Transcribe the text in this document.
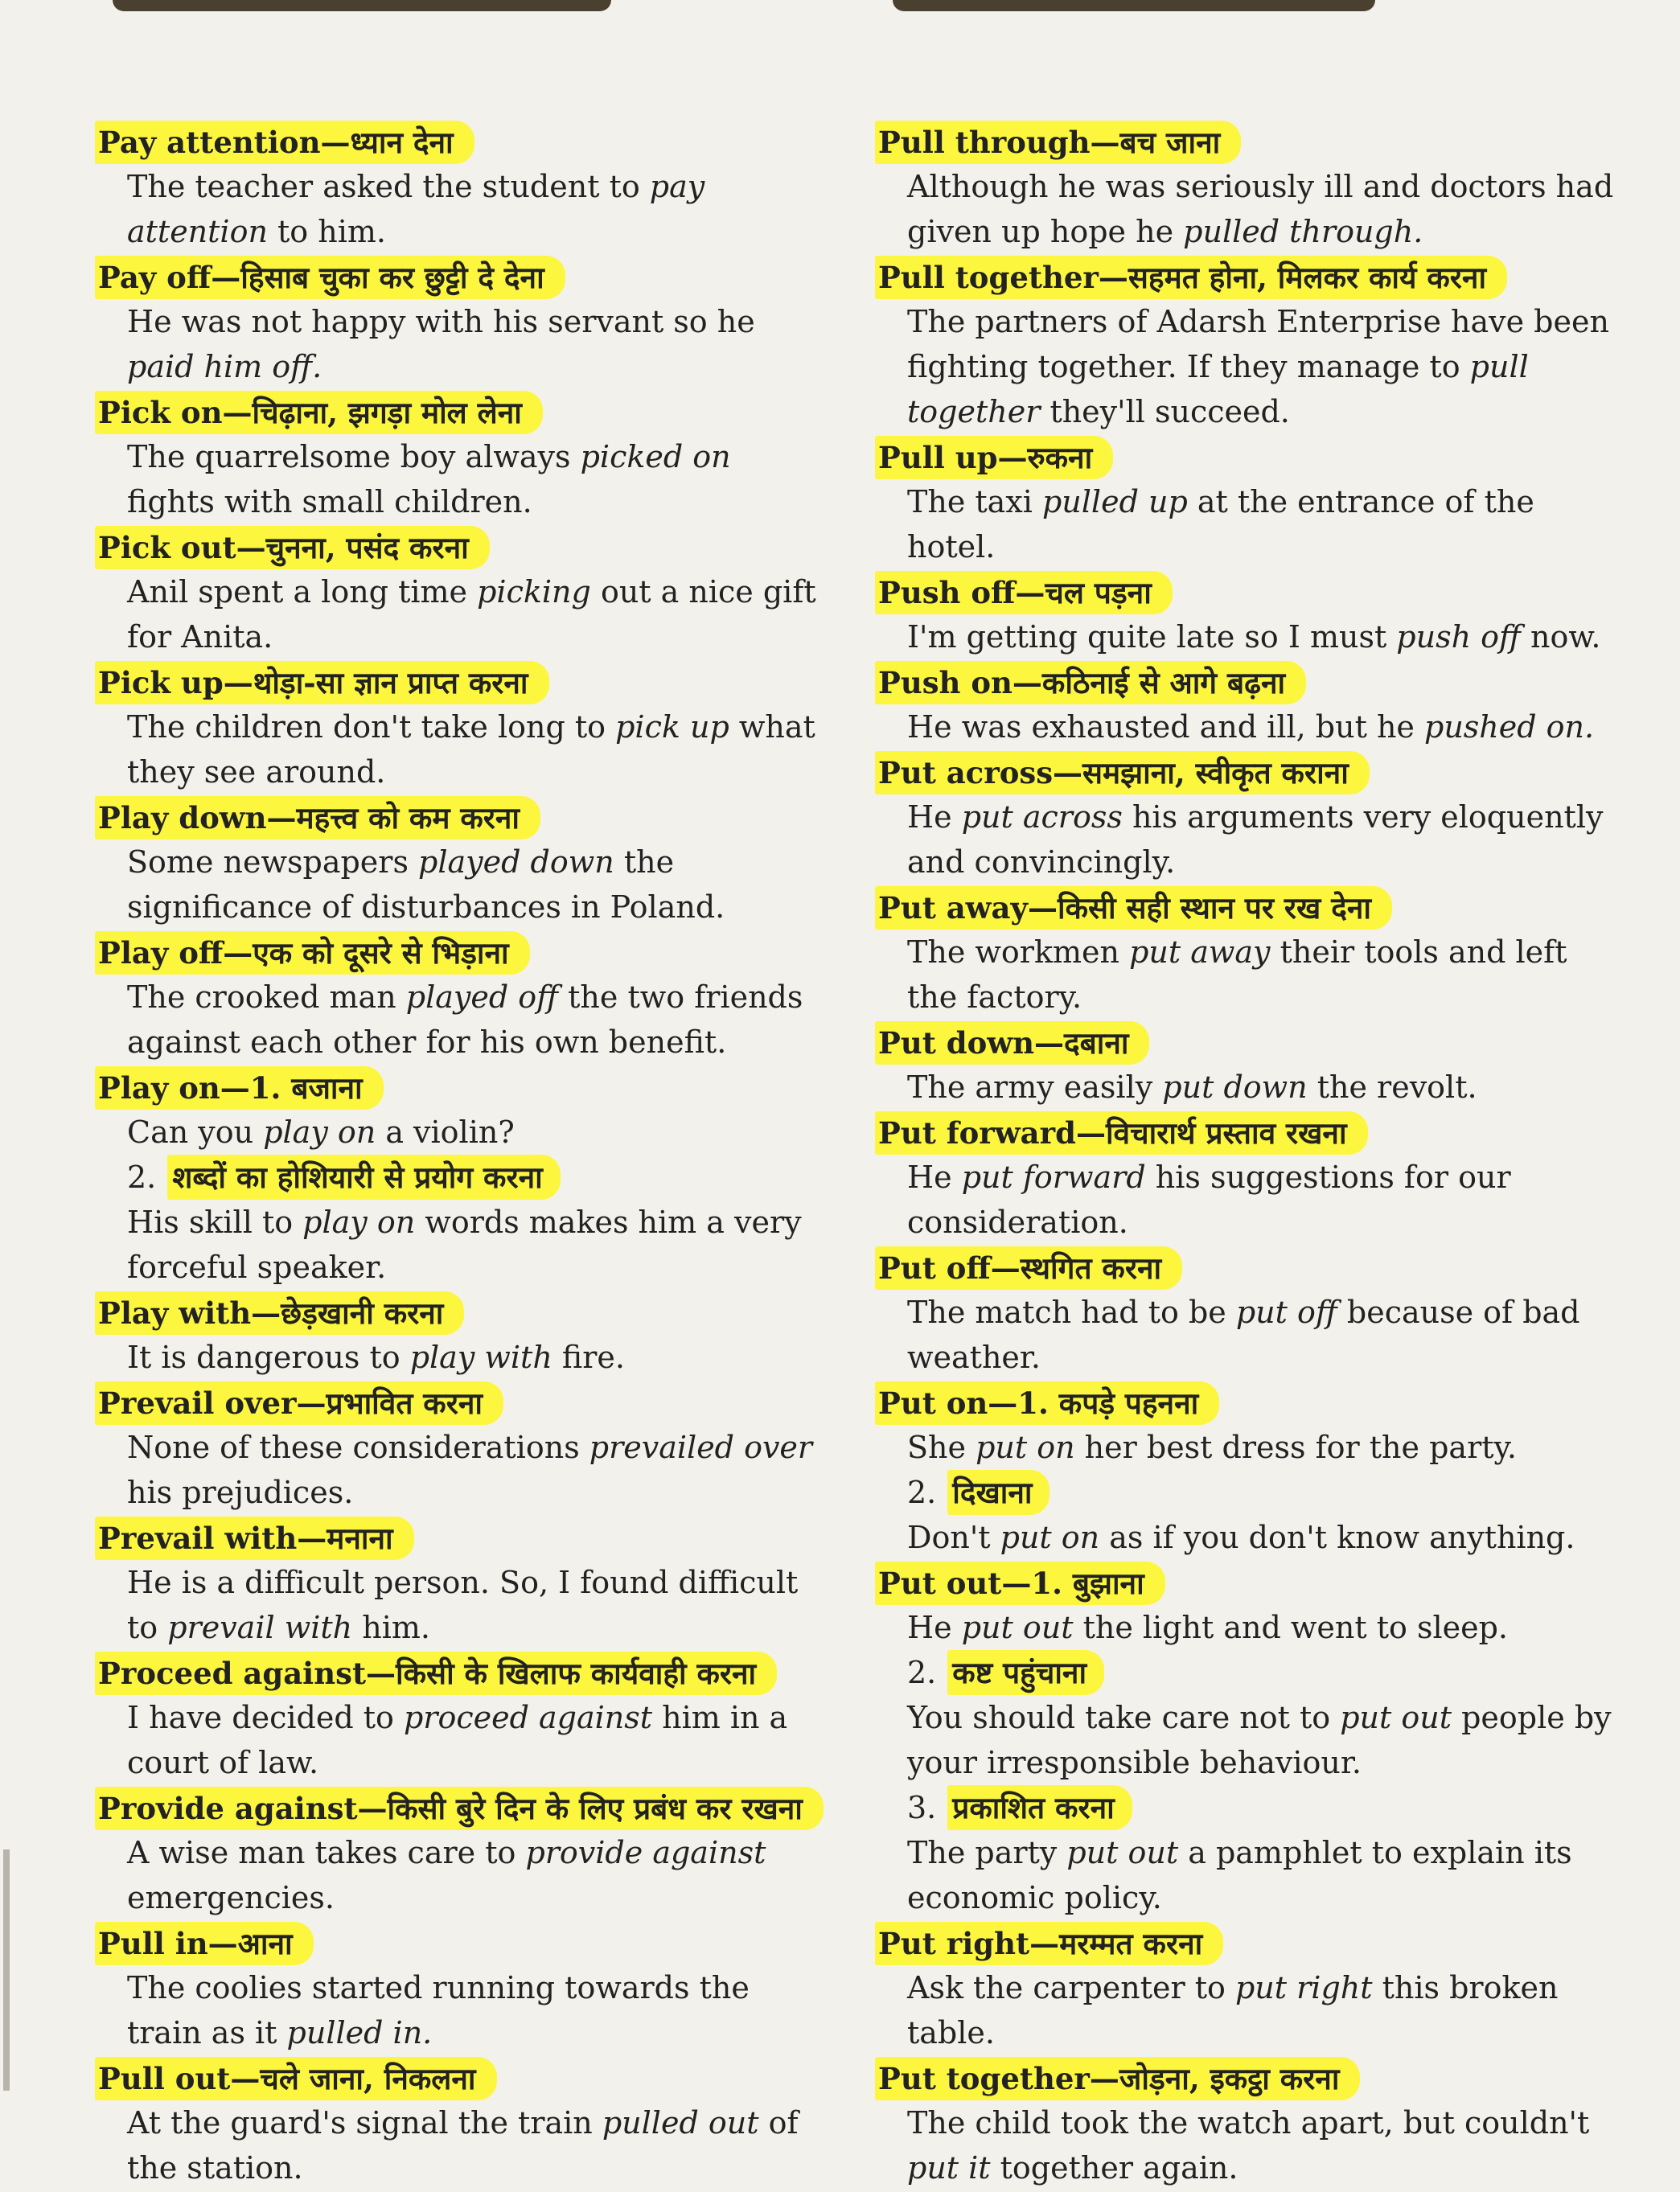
Pay attention—ध्यान देना
The teacher asked the student to pay attention to him.
Pay off—हिसाब चुका कर छुट्टी दे देना
He was not happy with his servant so he paid him off.
Pick on—चिढ़ाना, झगड़ा मोल लेना
The quarrelsome boy always picked on fights with small children.
Pick out—चुनना, पसंद करना
Anil spent a long time picking out a nice gift for Anita.
Pick up—थोड़ा-सा ज्ञान प्राप्त करना
The children don't take long to pick up what they see around.
Play down—महत्त्व को कम करना
Some newspapers played down the significance of disturbances in Poland.
Play off—एक को दूसरे से भिड़ाना
The crooked man played off the two friends against each other for his own benefit.
Play on—1. बजाना
Can you play on a violin?
2. शब्दों का होशियारी से प्रयोग करना
His skill to play on words makes him a very forceful speaker.
Play with—छेड़खानी करना
It is dangerous to play with fire.
Prevail over—प्रभावित करना
None of these considerations prevailed over his prejudices.
Prevail with—मनाना
He is a difficult person. So, I found difficult to prevail with him.
Proceed against—किसी के खिलाफ कार्यवाही करना
I have decided to proceed against him in a court of law.
Provide against—किसी बुरे दिन के लिए प्रबंध कर रखना
A wise man takes care to provide against emergencies.
Pull in—आना
The coolies started running towards the train as it pulled in.
Pull out—चले जाना, निकलना
At the guard's signal the train pulled out of the station.
Pull through—बच जाना
Although he was seriously ill and doctors had given up hope he pulled through.
Pull together—सहमत होना, मिलकर कार्य करना
The partners of Adarsh Enterprise have been fighting together. If they manage to pull together they'll succeed.
Pull up—रुकना
The taxi pulled up at the entrance of the hotel.
Push off—चल पड़ना
I'm getting quite late so I must push off now.
Push on—कठिनाई से आगे बढ़ना
He was exhausted and ill, but he pushed on.
Put across—समझाना, स्वीकृत कराना
He put across his arguments very eloquently and convincingly.
Put away—किसी सही स्थान पर रख देना
The workmen put away their tools and left the factory.
Put down—दबाना
The army easily put down the revolt.
Put forward—विचारार्थ प्रस्ताव रखना
He put forward his suggestions for our consideration.
Put off—स्थगित करना
The match had to be put off because of bad weather.
Put on—1. कपड़े पहनना
She put on her best dress for the party.
2. दिखाना
Don't put on as if you don't know anything.
Put out—1. बुझाना
He put out the light and went to sleep.
2. कष्ट पहुंचाना
You should take care not to put out people by your irresponsible behaviour.
3. प्रकाशित करना
The party put out a pamphlet to explain its economic policy.
Put right—मरम्मत करना
Ask the carpenter to put right this broken table.
Put together—जोड़ना, इकट्ठा करना
The child took the watch apart, but couldn't put it together again.
